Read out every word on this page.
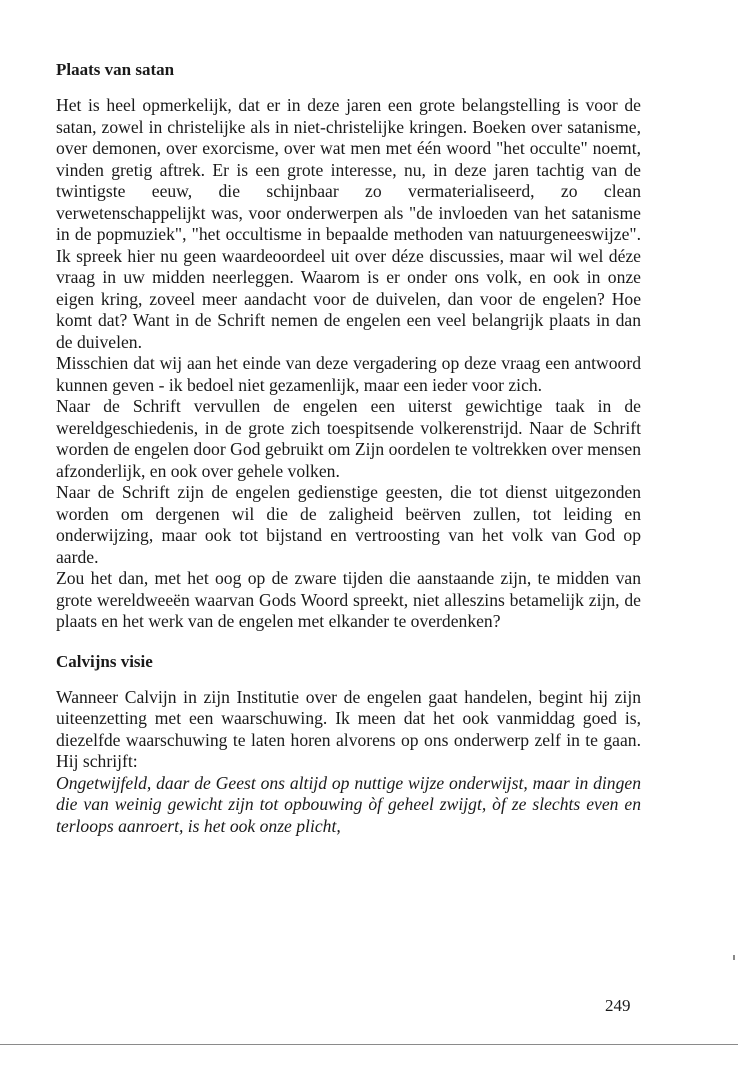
Plaats van satan

Het is heel opmerkelijk, dat er in deze jaren een grote belangstelling is voor de satan, zowel in christelijke als in niet-christelijke kringen. Boeken over satanisme, over demonen, over exorcisme, over wat men met één woord "het occulte" noemt, vinden gretig aftrek. Er is een grote interesse, nu, in deze jaren tachtig van de twintigste eeuw, die schijnbaar zo vermaterialiseerd, zo clean verwetenschappelijkt was, voor onderwerpen als "de invloeden van het satanisme in de popmuziek", "het occultisme in bepaalde methoden van natuurgeneeswijze". Ik spreek hier nu geen waardeoordeel uit over déze discussies, maar wil wel déze vraag in uw midden neerleggen. Waarom is er onder ons volk, en ook in onze eigen kring, zoveel meer aandacht voor de duivelen, dan voor de engelen? Hoe komt dat? Want in de Schrift nemen de engelen een veel belangrijk plaats in dan de duivelen.

Misschien dat wij aan het einde van deze vergadering op deze vraag een antwoord kunnen geven - ik bedoel niet gezamenlijk, maar een ieder voor zich.

Naar de Schrift vervullen de engelen een uiterst gewichtige taak in de wereldgeschiedenis, in de grote zich toespitsende volkerenstrijd. Naar de Schrift worden de engelen door God gebruikt om Zijn oordelen te voltrekken over mensen afzonderlijk, en ook over gehele volken.

Naar de Schrift zijn de engelen gedienstige geesten, die tot dienst uitgezonden worden om dergenen wil die de zaligheid beërven zullen, tot leiding en onderwijzing, maar ook tot bijstand en vertroosting van het volk van God op aarde.

Zou het dan, met het oog op de zware tijden die aanstaande zijn, te midden van grote wereldweeën waarvan Gods Woord spreekt, niet alleszins betamelijk zijn, de plaats en het werk van de engelen met elkander te overdenken?

Calvijns visie

Wanneer Calvijn in zijn Institutie over de engelen gaat handelen, begint hij zijn uiteenzetting met een waarschuwing. Ik meen dat het ook vanmiddag goed is, diezelfde waarschuwing te laten horen alvorens op ons onderwerp zelf in te gaan. Hij schrijft:

Ongetwijfeld, daar de Geest ons altijd op nuttige wijze onderwijst, maar in dingen die van weinig gewicht zijn tot opbouwing òf geheel zwijgt, òf ze slechts even en terloops aanroert, is het ook onze plicht,

249
